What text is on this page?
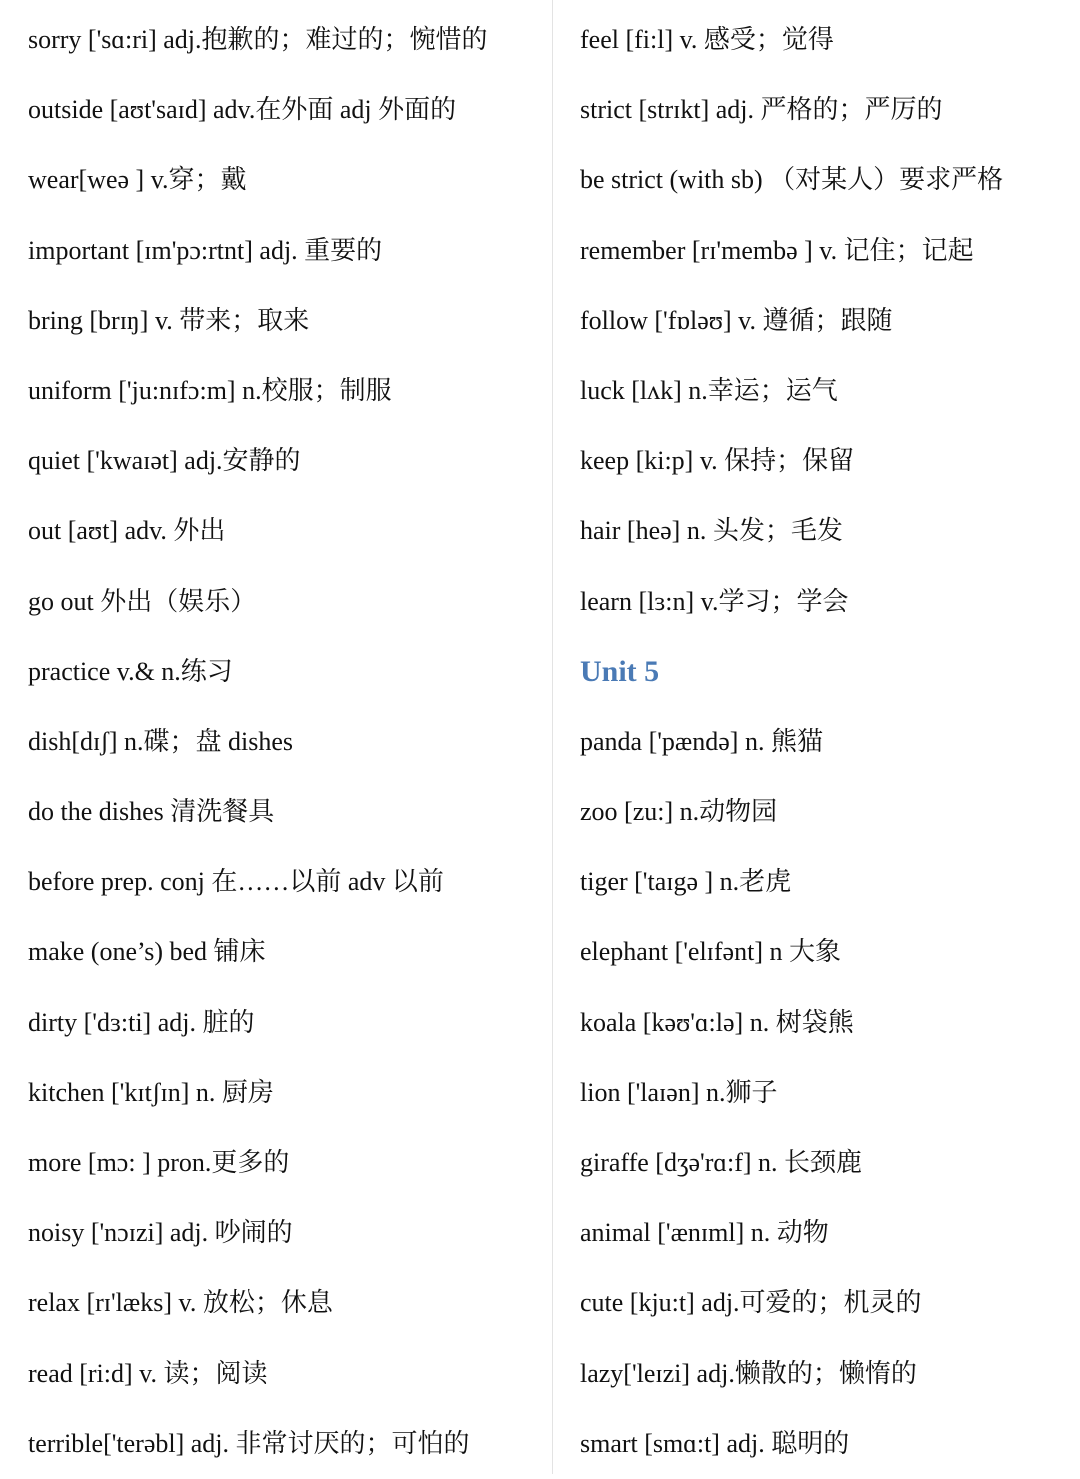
sorry ['sɑ:ri] adj.抱歉的；难过的；惋惜的
outside [aʊt'saɪd] adv.在外面 adj 外面的
wear[weə ] v.穿；戴
important [ɪm'pɔ:rtnt] adj. 重要的
bring [brɪŋ] v. 带来；取来
uniform ['ju:nɪfɔ:m] n.校服；制服
quiet ['kwaɪət] adj.安静的
out [aʊt] adv. 外出
go out 外出（娱乐）
practice v.& n.练习
dish[dɪʃ] n.碟；盘 dishes
do the dishes 清洗餐具
before prep. conj 在……以前 adv 以前
make (one’s) bed 铺床
dirty ['dɜ:ti] adj. 脏的
kitchen ['kɪtʃɪn] n. 厨房
more [mɔ: ] pron.更多的
noisy ['nɔɪzi] adj. 吵闹的
relax [rɪ'læks] v. 放松；休息
read [ri:d] v. 读；阅读
terrible['terəbl] adj. 非常讨厌的；可怕的
feel [fi:l] v. 感受；觉得
strict [strɪkt] adj. 严格的；严厉的
be strict (with sb) （对某人）要求严格
remember [rɪ'membə ] v. 记住；记起
follow ['fɒləʊ] v. 遵循；跟随
luck [lʌk] n.幸运；运气
keep [ki:p] v. 保持；保留
hair [heə] n. 头发；毛发
learn [lɜ:n] v.学习；学会
Unit 5
panda ['pændə] n. 熊猫
zoo [zu:] n.动物园
tiger ['taɪgə ] n.老虎
elephant ['elɪfənt] n 大象
koala [kəʊ'ɑ:lə] n. 树袋熊
lion ['laɪən] n.狮子
giraffe [dʒə'rɑ:f] n. 长颈鹿
animal ['ænɪml] n. 动物
cute [kju:t] adj.可爱的；机灵的
lazy['leɪzi] adj.懒散的；懒惰的
smart [smɑ:t] adj. 聪明的
